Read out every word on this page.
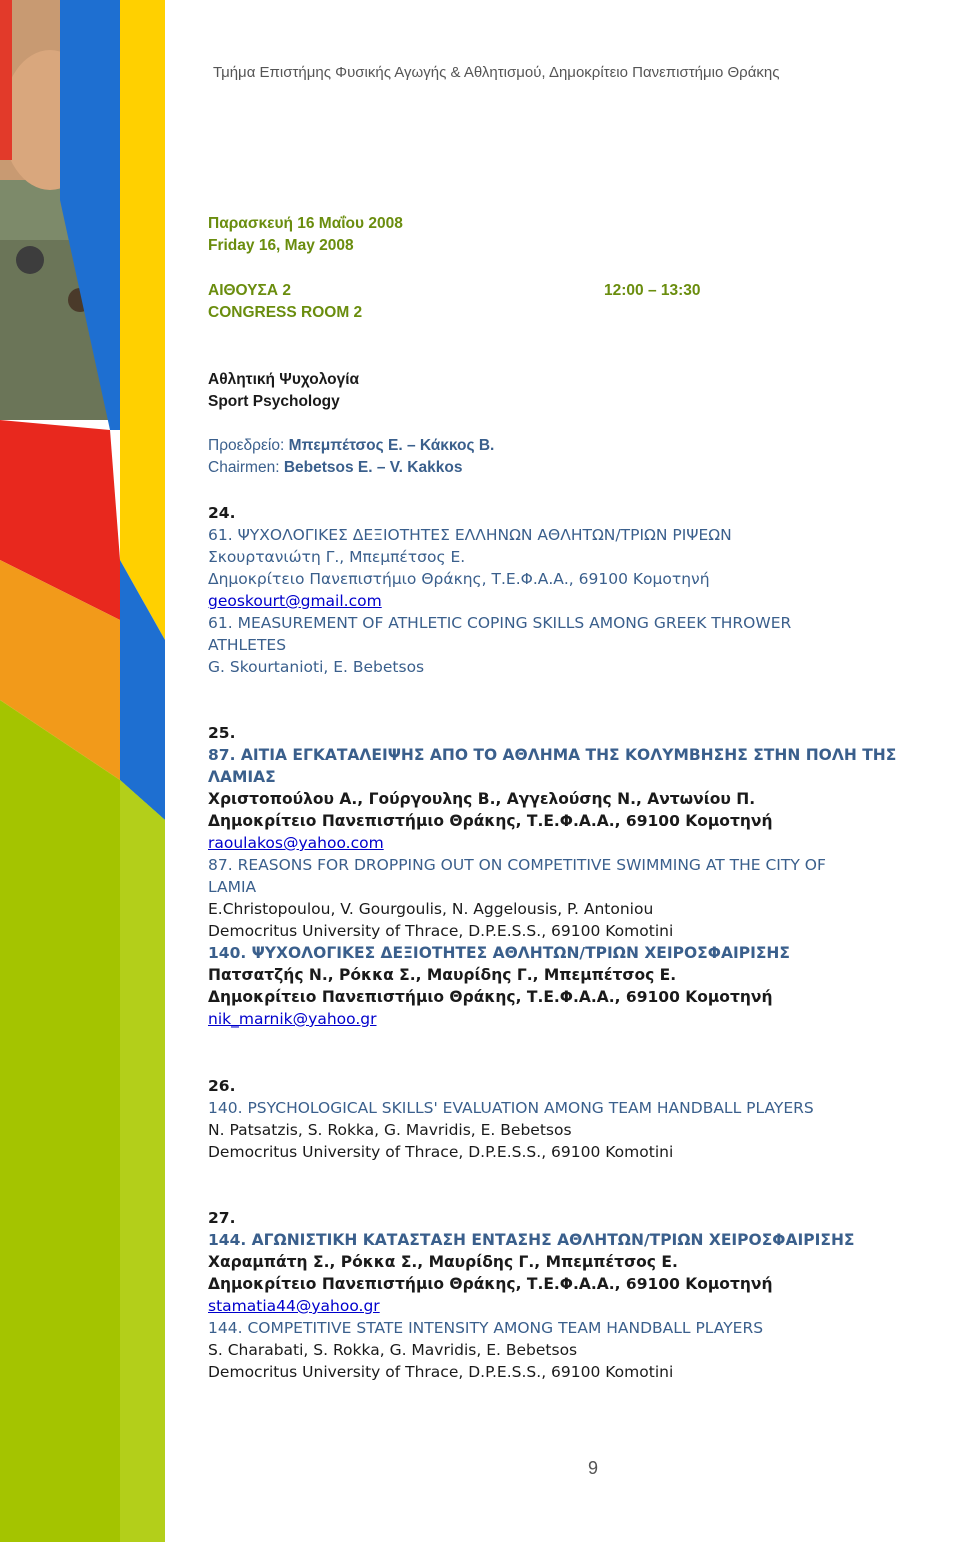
Τμήμα Επιστήμης Φυσικής Αγωγής & Αθλητισμού, Δημοκρίτειο Πανεπιστήμιο Θράκης
Παρασκευή 16 Μαΐου 2008
Friday 16, May 2008
ΑΙΘΟΥΣΑ 2	12:00 – 13:30
CONGRESS ROOM 2
Αθλητική Ψυχολογία
Sport Psychology
Προεδρείο: Μπεμπέτσος Ε. – Κάκκος Β.
Chairmen: Bebetsos E. – V. Kakkos
24.
61. ΨΥΧΟΛΟΓΙΚΕΣ ΔΕΞΙΟΤΗΤΕΣ ΕΛΛΗΝΩΝ ΑΘΛΗΤΩΝ/ΤΡΙΩΝ ΡΙΨΕΩΝ
Σκουρτανιώτη Γ., Μπεμπέτσος Ε.
Δημοκρίτειο Πανεπιστήμιο Θράκης, Τ.Ε.Φ.Α.Α., 69100 Κομοτηνή
geoskourt@gmail.com
61. MEASUREMENT OF ATHLETIC COPING SKILLS AMONG GREEK THROWER
ATHLETES
G. Skourtanioti, E. Bebetsos
25.
87. ΑΙΤΙΑ ΕΓΚΑΤΑΛΕΙΨΗΣ ΑΠΟ ΤΟ ΑΘΛΗΜΑ ΤΗΣ ΚΟΛΥΜΒΗΣΗΣ ΣΤΗΝ ΠΟΛΗ ΤΗΣ
ΛΑΜΙΑΣ
Χριστοπούλου Α., Γούργουλης Β., Αγγελούσης Ν., Αντωνίου Π.
Δημοκρίτειο Πανεπιστήμιο Θράκης, Τ.Ε.Φ.Α.Α., 69100 Κομοτηνή
raoulakos@yahoo.com
87. REASONS FOR DROPPING OUT ON COMPETITIVE SWIMMING AT THE CITY OF
LAMIA
E.Christopoulou, V. Gourgoulis, N. Aggelousis, P. Antoniou
Democritus University of Thrace, D.P.E.S.S., 69100 Komotini
140. ΨΥΧΟΛΟΓΙΚΕΣ ΔΕΞΙΟΤΗΤΕΣ ΑΘΛΗΤΩΝ/ΤΡΙΩΝ ΧΕΙΡΟΣΦΑΙΡΙΣΗΣ
Πατσατζής Ν., Ρόκκα Σ., Μαυρίδης Γ., Μπεμπέτσος Ε.
Δημοκρίτειο Πανεπιστήμιο Θράκης, Τ.Ε.Φ.Α.Α., 69100 Κομοτηνή
nik_marnik@yahoo.gr
26.
140. PSYCHOLOGICAL SKILLS' EVALUATION AMONG TEAM HANDBALL PLAYERS
N. Patsatzis, S. Rokka, G. Mavridis, E. Bebetsos
Democritus University of Thrace, D.P.E.S.S., 69100 Komotini
27.
144. ΑΓΩΝΙΣΤΙΚΗ ΚΑΤΑΣΤΑΣΗ ΕΝΤΑΣΗΣ ΑΘΛΗΤΩΝ/ΤΡΙΩΝ ΧΕΙΡΟΣΦΑΙΡΙΣΗΣ
Χαραμπάτη Σ., Ρόκκα Σ., Μαυρίδης Γ., Μπεμπέτσος Ε.
Δημοκρίτειο Πανεπιστήμιο Θράκης, Τ.Ε.Φ.Α.Α., 69100 Κομοτηνή
stamatia44@yahoo.gr
144. COMPETITIVE STATE INTENSITY AMONG TEAM HANDBALL PLAYERS
S. Charabati, S. Rokka, G. Mavridis, E. Bebetsos
Democritus University of Thrace, D.P.E.S.S., 69100 Komotini
9
